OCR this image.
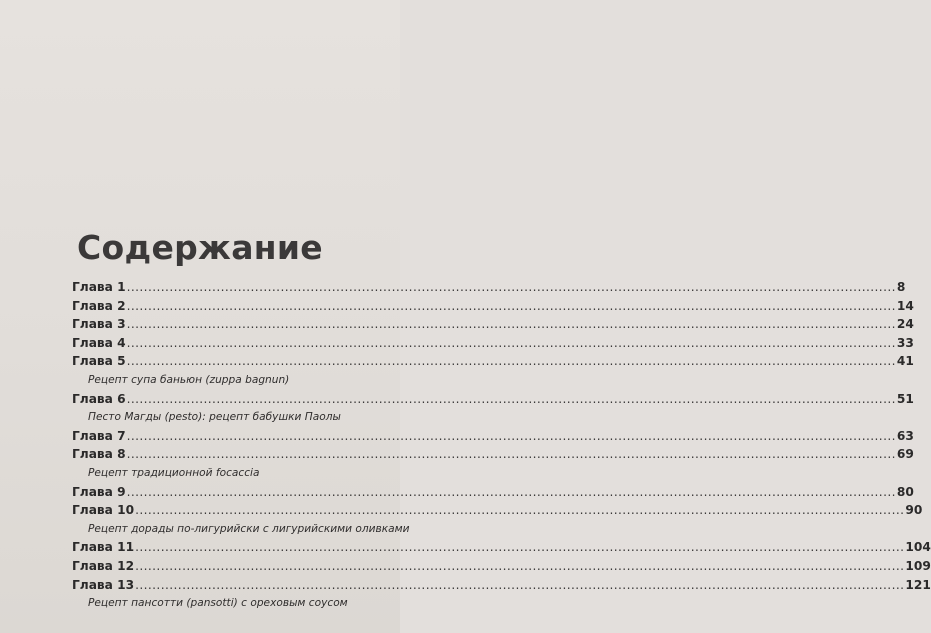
Содержание
Глава 1 .....	8
Глава 2 .....	14
Глава 3 .....	24
Глава 4 .....	33
Глава 5 .....	41
Рецепт супа баньюн (zuppa bagnun)
Глава 6 .....	51
Песто Магды (pesto): рецепт бабушки Паолы
Глава 7 .....	63
Глава 8 .....	69
Рецепт традиционной focaccia
Глава 9 .....	80
Глава 10 .....	90
Рецепт дорады по-лигурийски с лигурийскими оливками
Глава 11 .....	104
Глава 12 .....	109
Глава 13 .....	121
Рецепт пансотти (pansotti) с ореховым соусом
